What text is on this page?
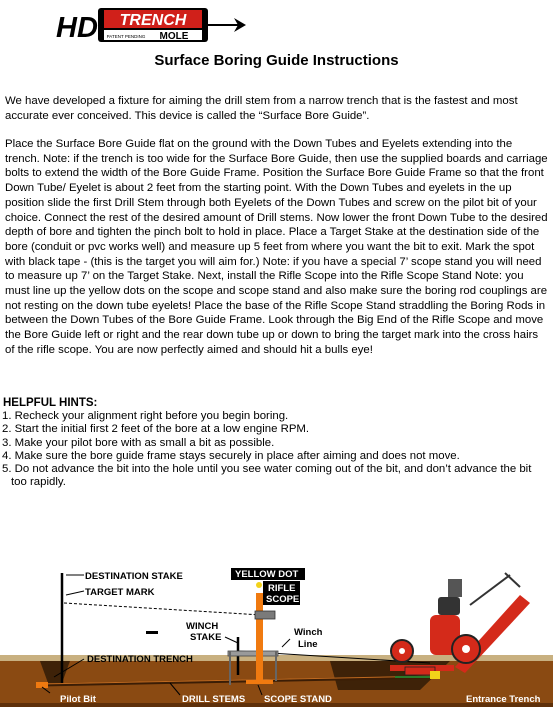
HD TRENCH
PATENT PENDING MOLE
Surface Boring Guide Instructions

We have developed a fixture for aiming the drill stem from a narrow trench that is the fastest and most accurate ever conceived. This device is called the “Surface Bore Guide”.

Place the Surface Bore Guide flat on the ground with the Down Tubes and Eyelets extending into the trench. Note: if the trench is too wide for the Surface Bore Guide, then use the supplied boards and carriage bolts to extend the width of the Bore Guide Frame. Position the Surface Bore Guide Frame so that the front Down Tube/ Eyelet is about 2 feet from the starting point. With the Down Tubes and eyelets in the up position slide the first Drill Stem through both Eyelets of the Down Tubes and screw on the pilot bit of your choice. Connect the rest of the desired amount of Drill stems. Now lower the front Down Tube to the desired depth of bore and tighten the pinch bolt to hold in place. Place a Target Stake at the destination side of the bore (conduit or pvc works well) and measure up 5 feet from where you want the bit to exit. Mark the spot with black tape - (this is the target you will aim for.) Note: if you have a special 7’ scope stand you will need to measure up 7’ on the Target Stake. Next, install the Rifle Scope into the Rifle Scope Stand Note: you must line up the yellow dots on the scope and scope stand and also make sure the boring rod couplings are not resting on the down tube eyelets! Place the base of the Rifle Scope Stand straddling the Boring Rods in between the Down Tubes of the Bore Guide Frame. Look through the Big End of the Rifle Scope and move the Bore Guide left or right and the rear down tube up or down to bring the target mark into the cross hairs of the rifle scope. You are now perfectly aimed and should hit a bulls eye!

HELPFUL HINTS:
1. Recheck your alignment right before you begin boring.
2. Start the initial first 2 feet of the bore at a low engine RPM.
3. Make your pilot bore with as small a bit as possible.
4. Make sure the bore guide frame stays securely in place after aiming and does not move.
5. Do not advance the bit into the hole until you see water coming out of the bit, and don’t advance the bit too rapidly.
DESTINATION STAKE
TARGET MARK
DESTINATION TRENCH
WINCH
STAKE	Winch
Line
YELLOW DOT
RIFLE
SCOPE
Pilot Bit	DRILL STEMS SCOPE STAND	Entrance Trench
